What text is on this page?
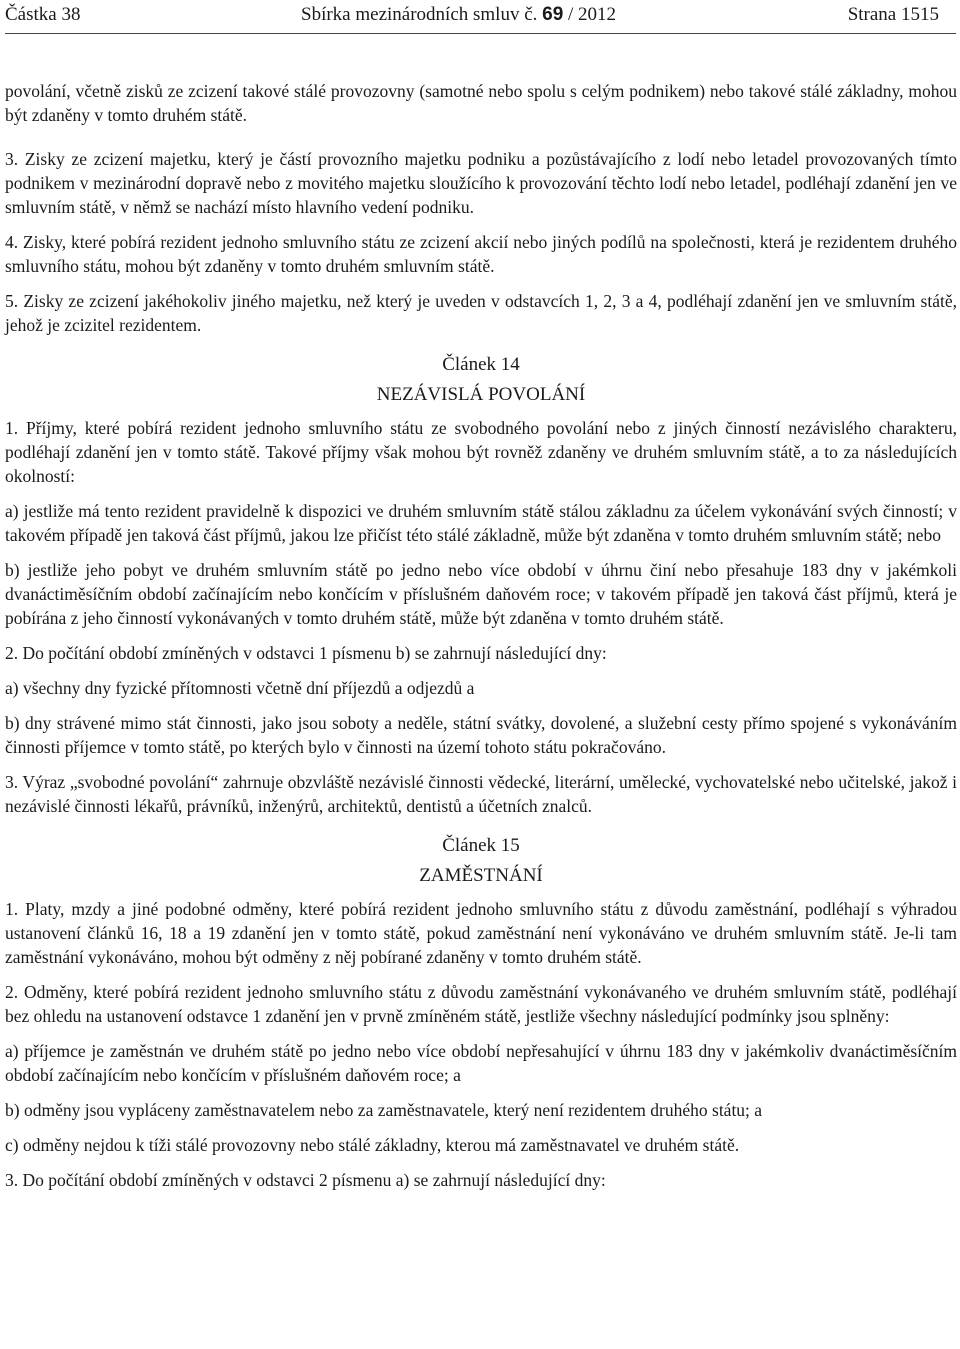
Částka 38	Sbírka mezinárodních smluv č. 69 / 2012	Strana 1515

povolání, včetně zisků ze zcizení takové stálé provozovny (samotné nebo spolu s celým podnikem) nebo takové stálé základny, mohou být zdaněny v tomto druhém státě.

3. Zisky ze zcizení majetku, který je částí provozního majetku podniku a pozůstávajícího z lodí nebo letadel provozovaných tímto podnikem v mezinárodní dopravě nebo z movitého majetku sloužícího k provozování těchto lodí nebo letadel, podléhají zdanění jen ve smluvním státě, v němž se nachází místo hlavního vedení podniku.

4. Zisky, které pobírá rezident jednoho smluvního státu ze zcizení akcií nebo jiných podílů na společnosti, která je rezidentem druhého smluvního státu, mohou být zdaněny v tomto druhém smluvním státě.

5. Zisky ze zcizení jakéhokoliv jiného majetku, než který je uveden v odstavcích 1, 2, 3 a 4, podléhají zdanění jen ve smluvním státě, jehož je zcizitel rezidentem.

Článek 14
NEZÁVISLÁ POVOLÁNÍ

1. Příjmy, které pobírá rezident jednoho smluvního státu ze svobodného povolání nebo z jiných činností nezávislého charakteru, podléhají zdanění jen v tomto státě. Takové příjmy však mohou být rovněž zdaněny ve druhém smluvním státě, a to za následujících okolností:

a) jestliže má tento rezident pravidelně k dispozici ve druhém smluvním státě stálou základnu za účelem vykonávání svých činností; v takovém případě jen taková část příjmů, jakou lze přičíst této stálé základně, může být zdaněna v tomto druhém smluvním státě; nebo

b) jestliže jeho pobyt ve druhém smluvním státě po jedno nebo více období v úhrnu činí nebo přesahuje 183 dny v jakémkoli dvanáctiměsíčním období začínajícím nebo končícím v příslušném daňovém roce; v takovém případě jen taková část příjmů, která je pobírána z jeho činností vykonávaných v tomto druhém státě, může být zdaněna v tomto druhém státě.

2. Do počítání období zmíněných v odstavci 1 písmenu b) se zahrnují následující dny:

a) všechny dny fyzické přítomnosti včetně dní příjezdů a odjezdů a

b) dny strávené mimo stát činnosti, jako jsou soboty a neděle, státní svátky, dovolené, a služební cesty přímo spojené s vykonáváním činnosti příjemce v tomto státě, po kterých bylo v činnosti na území tohoto státu pokračováno.

3. Výraz „svobodné povolání“ zahrnuje obzvláště nezávislé činnosti vědecké, literární, umělecké, vychovatelské nebo učitelské, jakož i nezávislé činnosti lékařů, právníků, inženýrů, architektů, dentistů a účetních znalců.

Článek 15
ZAMĚSTNÁNÍ

1. Platy, mzdy a jiné podobné odměny, které pobírá rezident jednoho smluvního státu z důvodu zaměstnání, podléhají s výhradou ustanovení článků 16, 18 a 19 zdanění jen v tomto státě, pokud zaměstnání není vykonáváno ve druhém smluvním státě. Je-li tam zaměstnání vykonáváno, mohou být odměny z něj pobírané zdaněny v tomto druhém státě.

2. Odměny, které pobírá rezident jednoho smluvního státu z důvodu zaměstnání vykonávaného ve druhém smluvním státě, podléhají bez ohledu na ustanovení odstavce 1 zdanění jen v prvně zmíněném státě, jestliže všechny následující podmínky jsou splněny:

a) příjemce je zaměstnán ve druhém státě po jedno nebo více období nepřesahující v úhrnu 183 dny v jakémkoliv dvanáctiměsíčním období začínajícím nebo končícím v příslušném daňovém roce; a

b) odměny jsou vypláceny zaměstnavatelem nebo za zaměstnavatele, který není rezidentem druhého státu; a

c) odměny nejdou k tíži stálé provozovny nebo stálé základny, kterou má zaměstnavatel ve druhém státě.

3. Do počítání období zmíněných v odstavci 2 písmenu a) se zahrnují následující dny:
